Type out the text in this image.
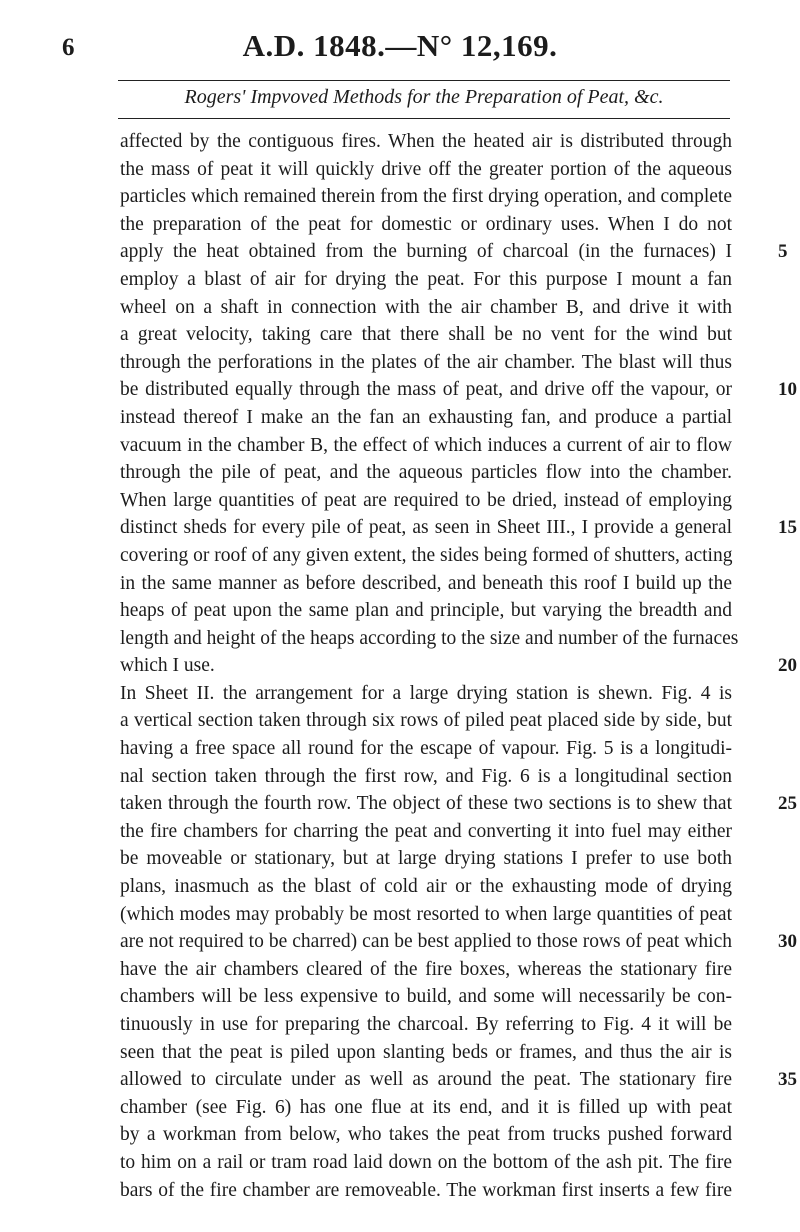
6	A.D. 1848.—N° 12,169.
Rogers' Impvoved Methods for the Preparation of Peat, &c.
affected by the contiguous fires. When the heated air is distributed through
the mass of peat it will quickly drive off the greater portion of the aqueous
particles which remained therein from the first drying operation, and complete
the preparation of the peat for domestic or ordinary uses. When I do not
apply the heat obtained from the burning of charcoal (in the furnaces) I 5
employ a blast of air for drying the peat. For this purpose I mount a fan
wheel on a shaft in connection with the air chamber B, and drive it with
a great velocity, taking care that there shall be no vent for the wind but
through the perforations in the plates of the air chamber. The blast will thus
be distributed equally through the mass of peat, and drive off the vapour, or 10
instead thereof I make an the fan an exhausting fan, and produce a partial
vacuum in the chamber B, the effect of which induces a current of air to flow
through the pile of peat, and the aqueous particles flow into the chamber.
When large quantities of peat are required to be dried, instead of employing
distinct sheds for every pile of peat, as seen in Sheet III., I provide a general 15
covering or roof of any given extent, the sides being formed of shutters, acting
in the same manner as before described, and beneath this roof I build up the
heaps of peat upon the same plan and principle, but varying the breadth and
length and height of the heaps according to the size and number of the furnaces
which I use.	20
In Sheet II. the arrangement for a large drying station is shewn. Fig. 4 is
a vertical section taken through six rows of piled peat placed side by side, but
having a free space all round for the escape of vapour. Fig. 5 is a longitudi-
nal section taken through the first row, and Fig. 6 is a longitudinal section
taken through the fourth row. The object of these two sections is to shew that 25
the fire chambers for charring the peat and converting it into fuel may either
be moveable or stationary, but at large drying stations I prefer to use both
plans, inasmuch as the blast of cold air or the exhausting mode of drying
(which modes may probably be most resorted to when large quantities of peat
are not required to be charred) can be best applied to those rows of peat which 30
have the air chambers cleared of the fire boxes, whereas the stationary fire
chambers will be less expensive to build, and some will necessarily be con-
tinuously in use for preparing the charcoal. By referring to Fig. 4 it will be
seen that the peat is piled upon slanting beds or frames, and thus the air is
allowed to circulate under as well as around the peat. The stationary fire 35
chamber (see Fig. 6) has one flue at its end, and it is filled up with peat
by a workman from below, who takes the peat from trucks pushed forward
to him on a rail or tram road laid down on the bottom of the ash pit. The fire
bars of the fire chamber are removeable. The workman first inserts a few fire
